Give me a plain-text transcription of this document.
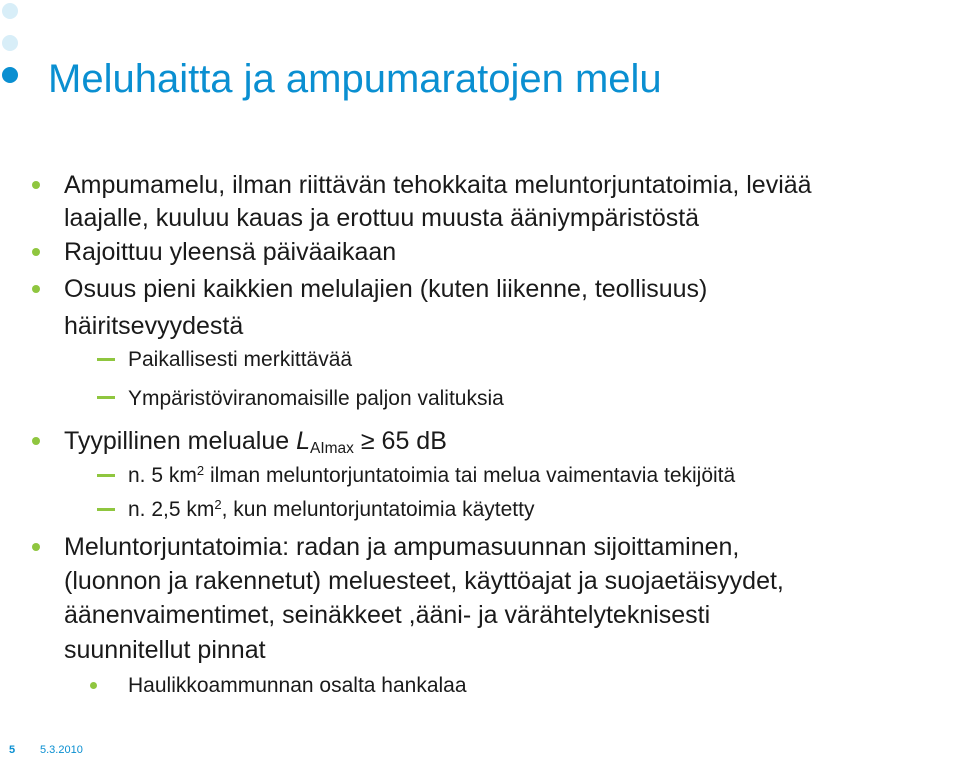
Meluhaitta ja ampumaratojen melu
Ampumamelu, ilman riittävän tehokkaita meluntorjuntatoimia, leviää
laajalle, kuuluu kauas ja erottuu muusta ääniympäristöstä
Rajoittuu yleensä päiväaikaan
Osuus pieni kaikkien melulajien (kuten liikenne, teollisuus)
häiritsevyydestä
Paikallisesti merkittävää
Ympäristöviranomaisille paljon valituksia
Tyypillinen melualue $L_{AImax} \ge 65$ dB
n. 5 $km^2$ ilman meluntorjuntatoimia tai melua vaimentavia tekijöitä
n. 2,5 $km^2$, kun meluntorjuntatoimia käytetty
Meluntorjuntatoimia: radan ja ampumasuunnan sijoittaminen,
(luonnon ja rakennetut) meluesteet, käyttöajat ja suojaetäisyydet,
äänenvaimentimet, seinäkkeet ,ääni- ja värähtelyteknisesti
suunnitellut pinnat
Haulikkoammunnan osalta hankalaa
5 5.3.2010
